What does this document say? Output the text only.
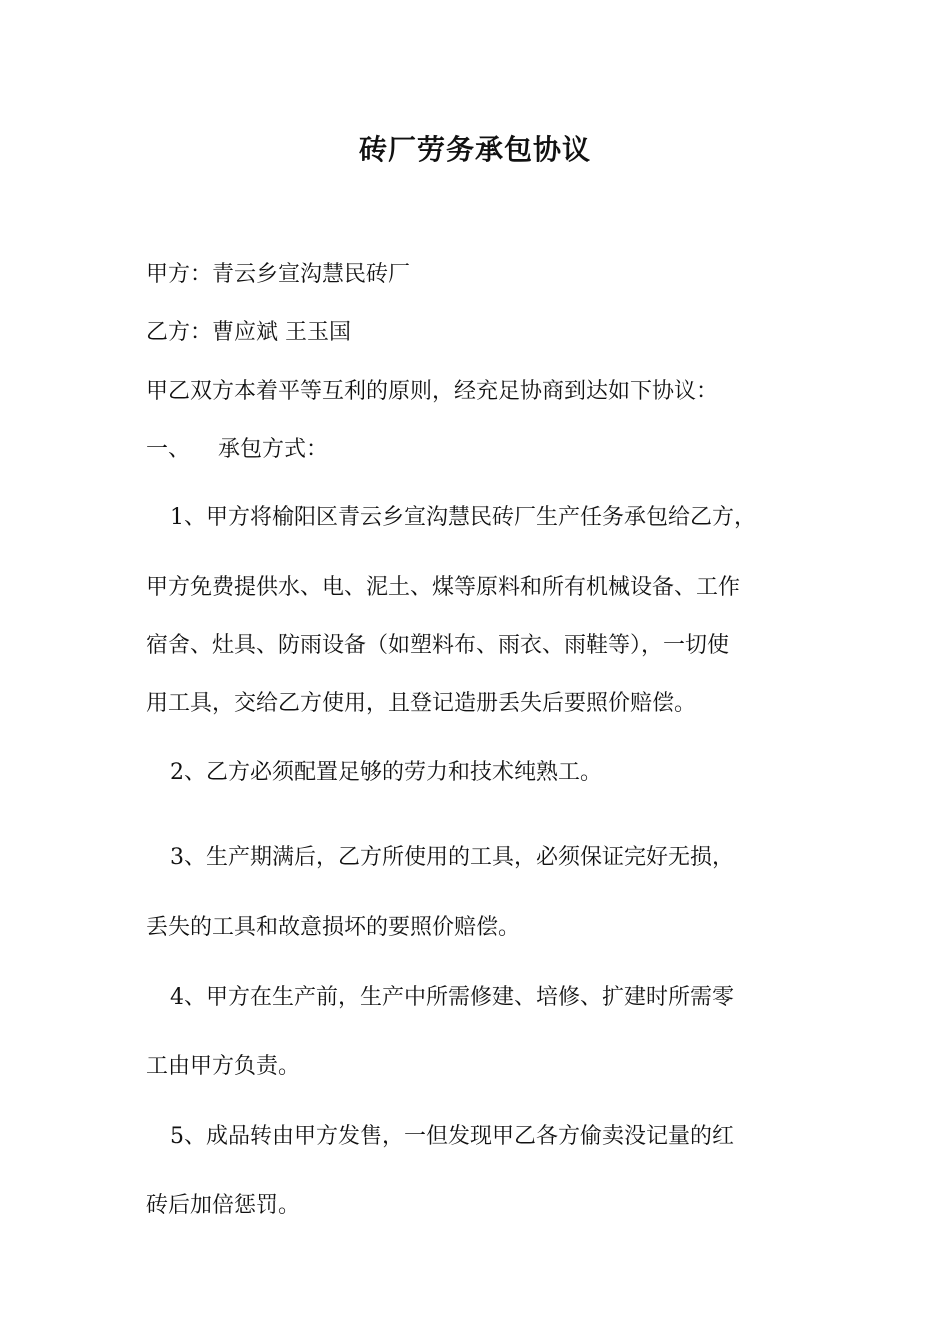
砖厂劳务承包协议
甲方：青云乡宣沟慧民砖厂
乙方：曹应斌 王玉国
甲乙双方本着平等互利的原则，经充足协商到达如下协议：
一、    承包方式：
1、甲方将榆阳区青云乡宣沟慧民砖厂生产任务承包给乙方，
甲方免费提供水、电、泥土、煤等原料和所有机械设备、工作
宿舍、灶具、防雨设备（如塑料布、雨衣、雨鞋等），一切使
用工具，交给乙方使用，且登记造册丢失后要照价赔偿。
2、乙方必须配置足够的劳力和技术纯熟工。
3、生产期满后，乙方所使用的工具，必须保证完好无损，
丢失的工具和故意损坏的要照价赔偿。
4、甲方在生产前，生产中所需修建、培修、扩建时所需零
工由甲方负责。
5、成品转由甲方发售，一但发现甲乙各方偷卖没记量的红
砖后加倍惩罚。
